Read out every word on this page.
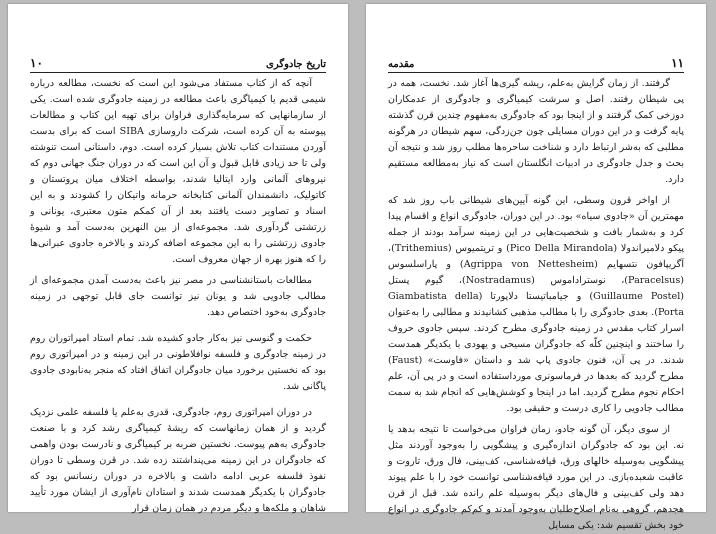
تاریخ جادوگری
۱۰

آنچه که از کتاب مستفاد می‌شود این است که نخست، مطالعه درباره شیمی قدیم یا کیمیاگری باعث مطالعه در زمینه جادوگری شده است. یکی از سازمانهایی که سرمایه‌گذاری فراوان برای تهیه این کتاب و مطالعات پیوسته به آن کرده است، شرکت داروسازی SIBA است که برای بدست آوردن مستندات کتاب تلاش بسیار کرده است. دوم، داستانی است تنوشته ولی تا حد زیادی قابل قبول و آن این است که در دوران جنگ جهانی دوم که نیروهای آلمانی وارد ایتالیا شدند، بواسطه اختلاف میان پروتستان و کاتولیک، دانشمندان آلمانی کتابخانه حرمانه واتیکان را کشودند و به این اسناد و تصاویر دست یافتند بعد از آن کمکم متون معتبری، یونانی و زرتشتی گردآوری شد. مجموعه‌ای از بین النهرین به‌دست آمد و شیوهٔ جادوی زرتشتی را به این مجموعه اضافه کردند و بالاخره جادوی عبرانی‌ها را که هنوز بهره از جهان معروف است.

مطالعات باستانشناسی در مصر نیز باعث به‌دست آمدن مجموعه‌ای از مطالب جادویی شد و یونان نیز توانست جای قابل توجهی در زمینه جادوگری به‌خود اختصاص دهد.

حکمت و گنوسی نیز به‌کار جادو کشیده شد. تمام استاد امپراتوران روم در زمینه جادوگری و فلسفه نوافلاطونی در این زمینه و در امپراتوری روم بود که نخستین برخورد میان جادوگران اتفاق افتاد که منجر به‌نابودی جادوی پاگانی شد.

در دوران امپراتوری روم، جادوگری، قدری به‌علم یا فلسفه علمی نزدیک گردید و از همان زمانهاست که ریشهٔ کیمیاگری رشد کرد و با صنعت جادوگری به‌هم پیوست. نخستین ضربه بر کیمیاگری و نادرست بودن واهمی که جادوگران در این زمینه می‌پنداشتند زده شد. در قرن وسطی تا دوران نفوذ فلسفه عربی ادامه داشت و بالاخره در دوران رنسانس بود که جادوگران با یکدیگر همدست شدند و استادان نام‌آوری از ایشان مورد تأیید شاهان و ملکه‌ها و دیگر مردم در همان زمان قرار

۱۱
مقدمه

گرفتند. از زمان گرایش به‌علم، ریشه گیری‌ها آغاز شد. نخست، همه در پی شیطان رفتند. اصل و سرشت کیمیاگری و جادوگری از عدمکاران دوزخی کمک گرفتند و از اینجا بود که جادوگری به‌مفهوم چندین قرن گذشته پایه گرفت و در این دوران مسایلی چون جن‌زدگی، سهم شیطان در هرگونه مطلبی که به‌شر ارتباط دارد و شناخت ساحره‌ها مطلب روز شد و نتیجه آن بحث و جدل جادوگری در ادبیات انگلستان است که نیاز به‌مطالعه مستقیم دارد.

از اواخر قرون وسطی، این گونه آیین‌های شیطانی باب روز شد که مهمترین آن «جادوی سیاه» بود. در این دوران، جادوگری انواع و اقسام پیدا کرد و به‌شمار بافت و شخصیت‌هایی در این زمینه سرآمد بودند از جمله پیکو دلامیراندولا (Pico Della Mirandola) و تریتمیوس (Trithemius)، آگریپافون نتسهایم (Agrippa von Nettesheim) و پاراسلسوس (Paracelsus)، نوستراداموس (Nostradamus)، گیوم پستل (Guillaume Postel) و جیامباتیستا دلاپورتا (Giambatista della Porta). بعدی جادوگری را با مطالب مذهبی کشانیدند و مطالبی را به‌عنوان اسرار کتاب مقدس در زمینه جادوگری مطرح کردند. سپس جادوی حروف را ساختند و اینچنین کلّه که جادوگران مسیحی و یهودی با یکدیگر همدست شدند. در پی آن، فنون جادوی پاپ شد و داستان «فاوست» (Faust) مطرح گردید که بعدها در فرماسونری مورداستفاده است و در پی آن، علم احکام نجوم مطرح گردید. اما در اینجا و کوشش‌هایی که انجام شد به سمت مطالب جادویی را کاری درست و حقیقی بود.

از سوی دیگر، آن گونه جادو، زمان فراوان می‌خواست تا نتیجه بدهد یا نه. این بود که جادوگران اندازه‌گیری و پیشگویی را به‌وجود آوردند مثل پیشگویی به‌وسیله خالهای ورق، قیافه‌شناسی، کف‌بینی، فال ورق، تاروت و عاقبت شعبده‌بازی. در این مورد قیافه‌شناسی توانست خود را با علم پیوند دهد ولی کف‌بینی و فال‌های دیگر به‌وسیله علم رانده شد. قبل از قرن هجدهم، گروهی به‌نام اصلاح‌طلبان به‌وجود آمدند و کم‌کم جادوگری در انواع خود بخش تقسیم شد: یکی مسایل
